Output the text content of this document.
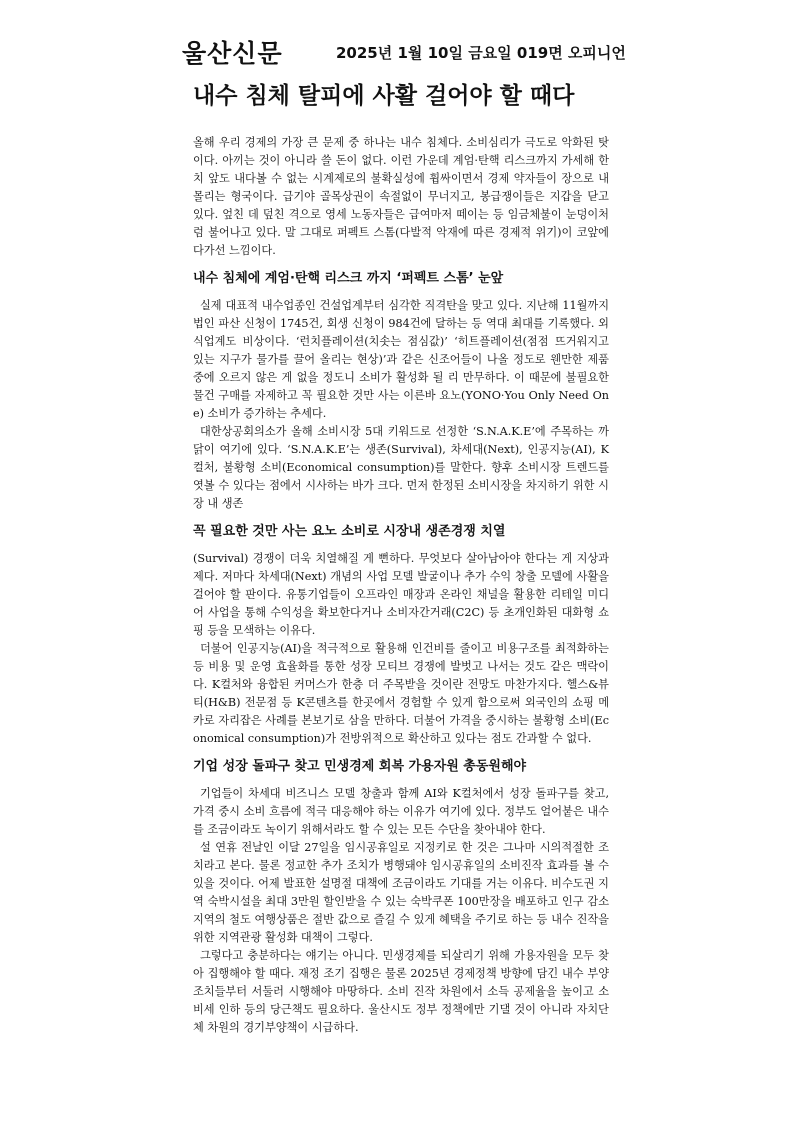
울산신문	2025년 1월 10일 금요일 019면 오피니언
내수 침체 탈피에 사활 걸어야 할 때다

올해 우리 경제의 가장 큰 문제 중 하나는 내수 침체다. 소비심리가 극도로 악화된 탓이다. 아끼는 것이 아니라 쓸 돈이 없다. 이런 가운데 계엄·탄핵 리스크까지 가세해 한치 앞도 내다볼 수 없는 시계제로의 불확실성에 휩싸이면서 경제 약자들이 장으로 내몰리는 형국이다. 급기야 골목상권이 속절없이 무너지고, 봉급쟁이들은 지갑을 닫고 있다. 엎친 데 덮친 격으로 영세 노동자들은 급여마저 떼이는 등 임금체불이 눈덩이처럼 불어나고 있다. 말 그대로 퍼펙트 스톰(다발적 악재에 따른 경제적 위기)이 코앞에 다가선 느낌이다.

내수 침체에 계엄·탄핵 리스크 까지 ‘퍼펙트 스톰’ 눈앞

실제 대표적 내수업종인 건설업계부터 심각한 직격탄을 맞고 있다. 지난해 11월까지 법인 파산 신청이 1745건, 회생 신청이 984건에 달하는 등 역대 최대를 기록했다. 외식업계도 비상이다. ‘런치플레이션(치솟는 점심값)’ ‘히트플레이션(점점 뜨거워지고 있는 지구가 물가를 끌어 올리는 현상)’과 같은 신조어들이 나올 정도로 웬만한 제품 중에 오르지 않은 게 없을 정도니 소비가 활성화 될 리 만무하다. 이 때문에 불필요한 물건 구매를 자제하고 꼭 필요한 것만 사는 이른바 요노(YONO·You Only Need One) 소비가 증가하는 추세다.

대한상공회의소가 올해 소비시장 5대 키워드로 선정한 ‘S.N.A.K.E’에 주목하는 까닭이 여기에 있다. ‘S.N.A.K.E’는 생존(Survival), 차세대(Next), 인공지능(AI), K컬처, 불황형 소비(Economical consumption)를 말한다. 향후 소비시장 트렌드를 엿볼 수 있다는 점에서 시사하는 바가 크다. 먼저 한정된 소비시장을 차지하기 위한 시장 내 생존

꼭 필요한 것만 사는 요노 소비로 시장내 생존경쟁 치열

(Survival) 경쟁이 더욱 치열해질 게 뻔하다. 무엇보다 살아남아야 한다는 게 지상과제다. 저마다 차세대(Next) 개념의 사업 모델 발굴이나 추가 수익 창출 모델에 사활을 걸어야 할 판이다. 유통기업들이 오프라인 매장과 온라인 채널을 활용한 리테일 미디어 사업을 통해 수익성을 확보한다거나 소비자간거래(C2C) 등 초개인화된 대화형 쇼핑 등을 모색하는 이유다.

더불어 인공지능(AI)을 적극적으로 활용해 인건비를 줄이고 비용구조를 최적화하는 등 비용 및 운영 효율화를 통한 성장 모티브 경쟁에 발벗고 나서는 것도 같은 맥락이다. K컬처와 융합된 커머스가 한층 더 주목받을 것이란 전망도 마찬가지다. 헬스&뷰티(H&B) 전문점 등 K콘텐츠를 한곳에서 경험할 수 있게 함으로써 외국인의 쇼핑 메카로 자리잡은 사례를 본보기로 삼을 만하다. 더불어 가격을 중시하는 불황형 소비(Economical consumption)가 전방위적으로 확산하고 있다는 점도 간과할 수 없다.

기업 성장 돌파구 찾고 민생경제 회복 가용자원 총동원해야

기업들이 차세대 비즈니스 모델 창출과 함께 AI와 K컬처에서 성장 돌파구를 찾고, 가격 중시 소비 흐름에 적극 대응해야 하는 이유가 여기에 있다. 정부도 얼어붙은 내수를 조금이라도 녹이기 위해서라도 할 수 있는 모든 수단을 찾아내야 한다.

설 연휴 전날인 이달 27일을 임시공휴일로 지정키로 한 것은 그나마 시의적절한 조치라고 본다. 물론 정교한 추가 조치가 병행돼야 임시공휴일의 소비진작 효과를 볼 수 있을 것이다. 어제 발표한 설명절 대책에 조금이라도 기대를 거는 이유다. 비수도권 지역 숙박시설을 최대 3만원 할인받을 수 있는 숙박쿠폰 100만장을 배포하고 인구 감소지역의 철도 여행상품은 절반 값으로 즐길 수 있게 혜택을 주기로 하는 등 내수 진작을 위한 지역관광 활성화 대책이 그렇다.

그렇다고 충분하다는 얘기는 아니다. 민생경제를 되살리기 위해 가용자원을 모두 찾아 집행해야 할 때다. 재정 조기 집행은 물론 2025년 경제정책 방향에 담긴 내수 부양 조치들부터 서둘러 시행해야 마땅하다. 소비 진작 차원에서 소득 공제율을 높이고 소비세 인하 등의 당근책도 필요하다. 울산시도 정부 정책에만 기댈 것이 아니라 자치단체 차원의 경기부양책이 시급하다.
